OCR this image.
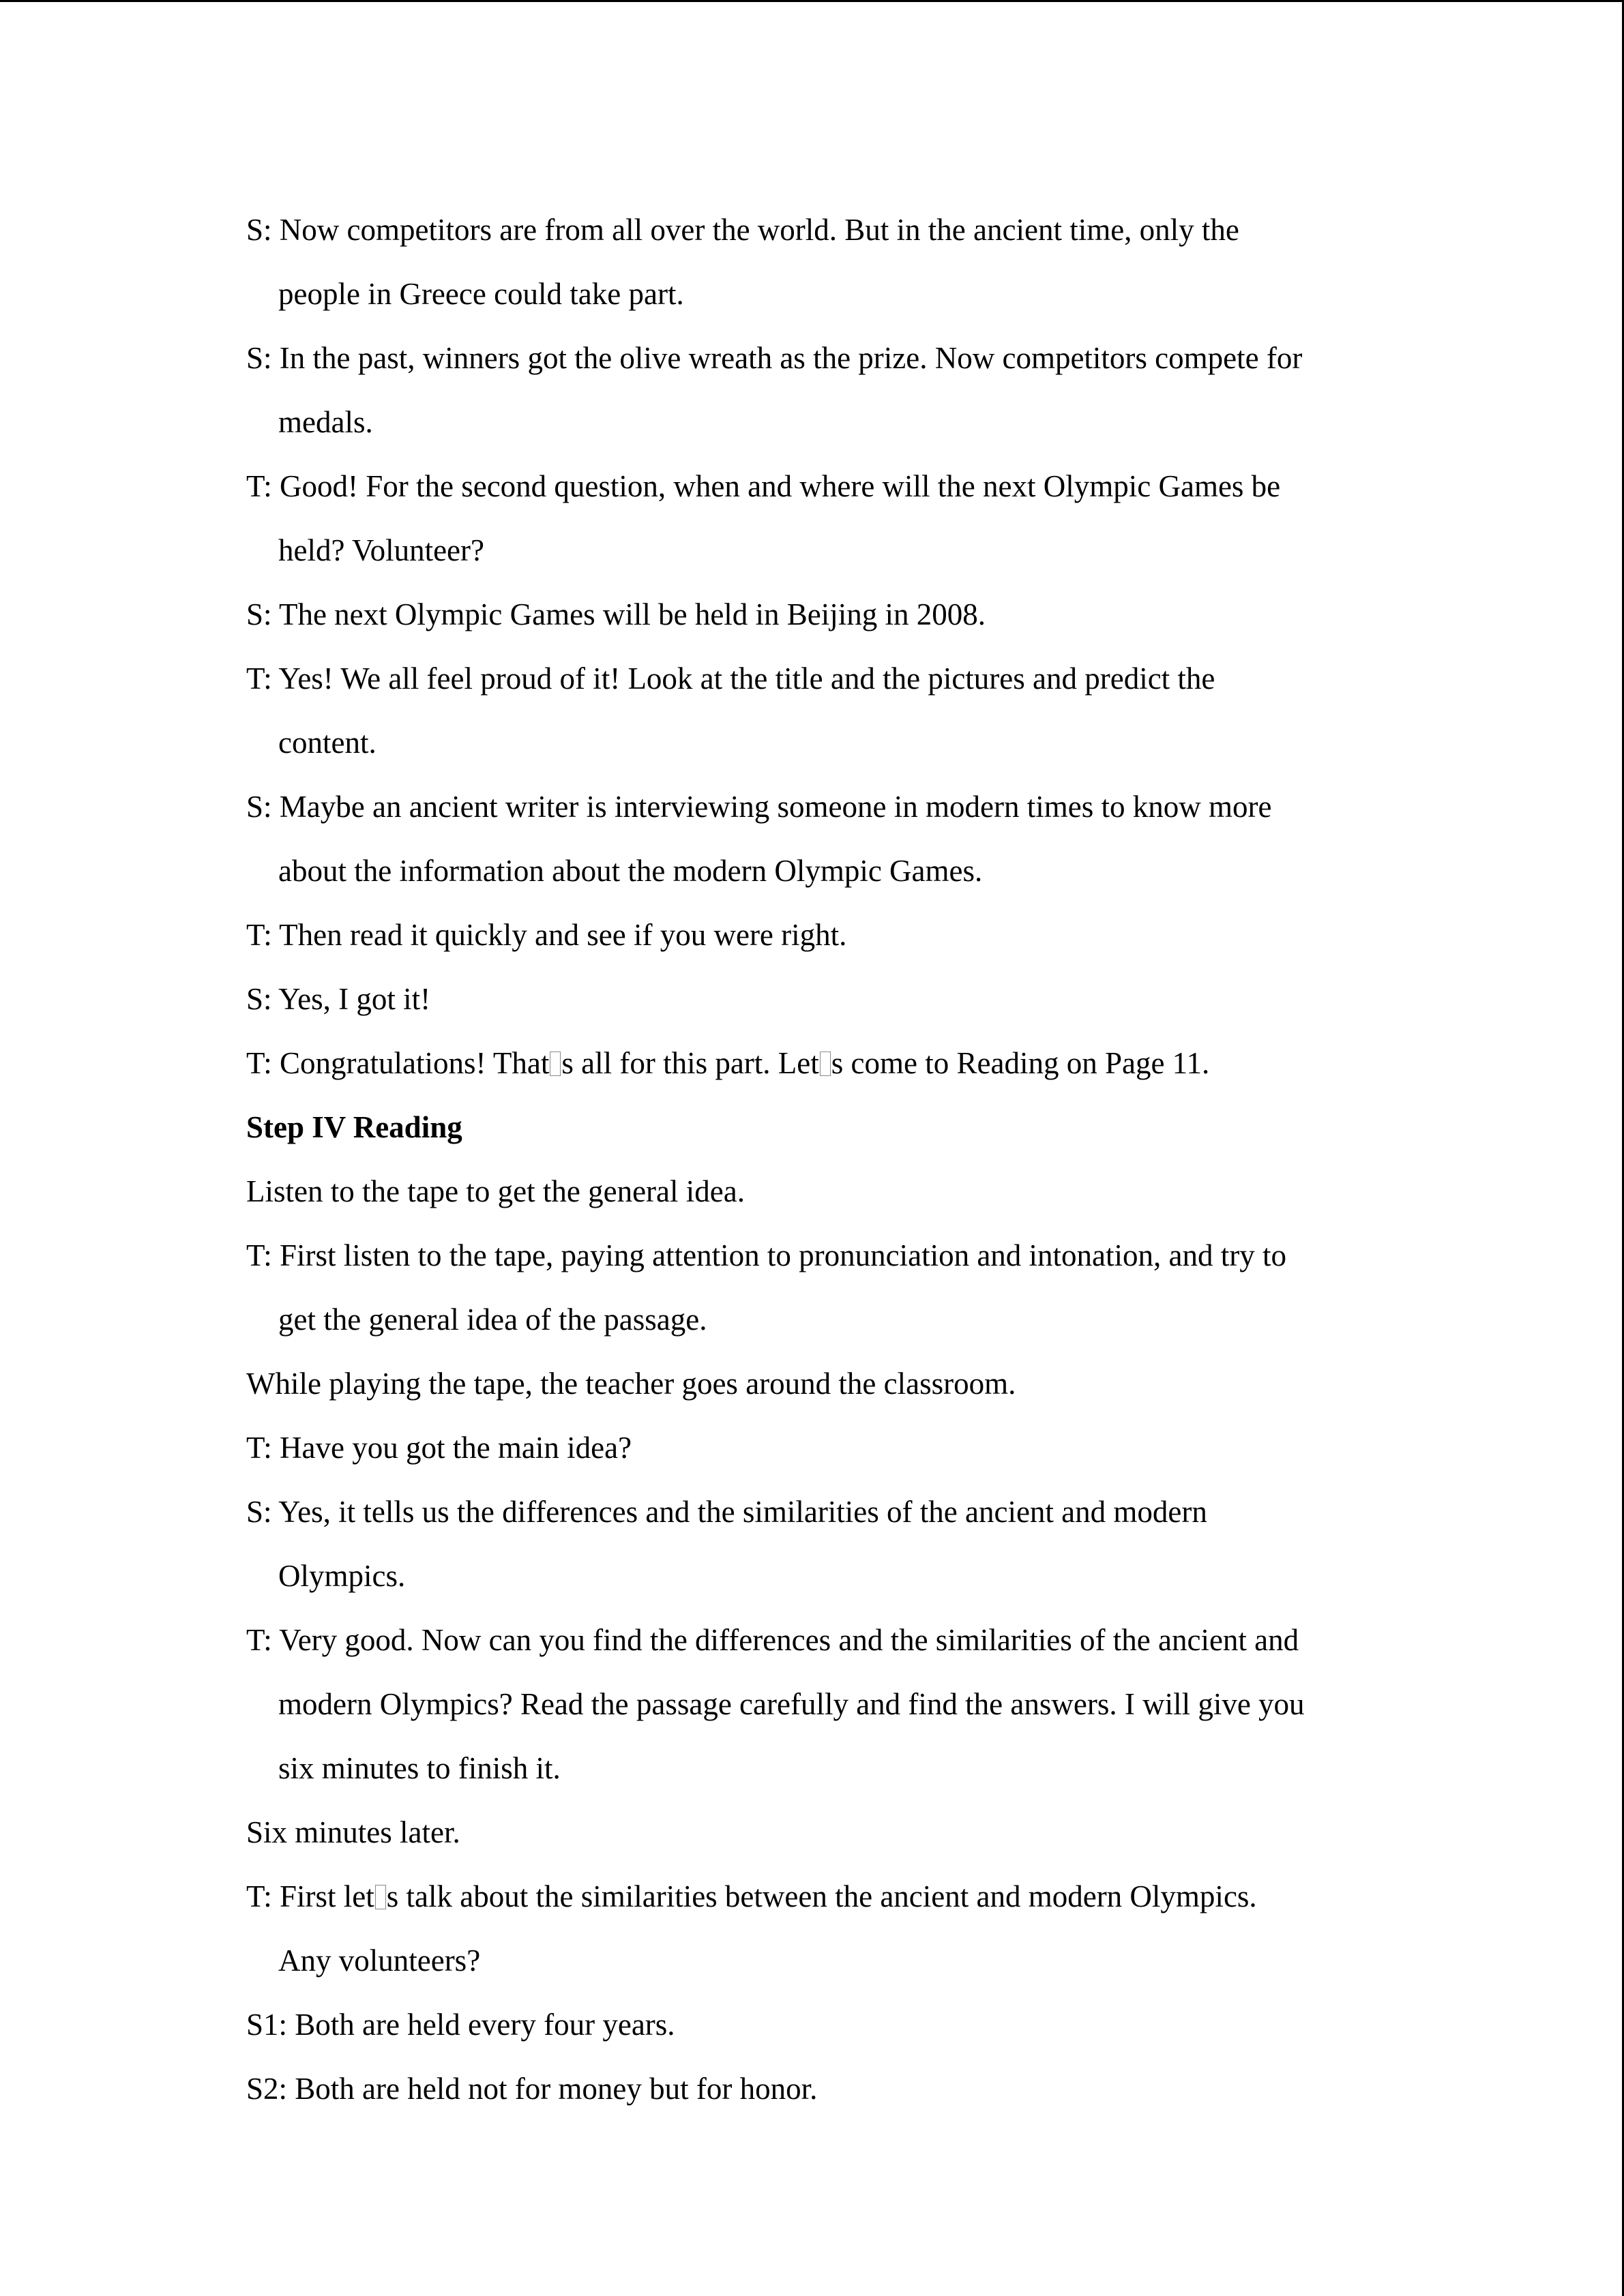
S: Now competitors are from all over the world. But in the ancient time, only the

people in Greece could take part.

S: In the past, winners got the olive wreath as the prize. Now competitors compete for

medals.

T: Good! For the second question, when and where will the next Olympic Games be

held? Volunteer?

S: The next Olympic Games will be held in Beijing in 2008.

T: Yes! We all feel proud of it! Look at the title and the pictures and predict the

content.

S: Maybe an ancient writer is interviewing someone in modern times to know more

about the information about the modern Olympic Games.

T: Then read it quickly and see if you were right.

S: Yes, I got it!

T: Congratulations! That s all for this part. Let s come to Reading on Page 11.

Step IV Reading

Listen to the tape to get the general idea.

T: First listen to the tape, paying attention to pronunciation and intonation, and try to

get the general idea of the passage.

While playing the tape, the teacher goes around the classroom.

T: Have you got the main idea?

S: Yes, it tells us the differences and the similarities of the ancient and modern

Olympics.

T: Very good. Now can you find the differences and the similarities of the ancient and

modern Olympics? Read the passage carefully and find the answers. I will give you

six minutes to finish it.

Six minutes later.

T: First let s talk about the similarities between the ancient and modern Olympics.

Any volunteers?

S1: Both are held every four years.

S2: Both are held not for money but for honor.
